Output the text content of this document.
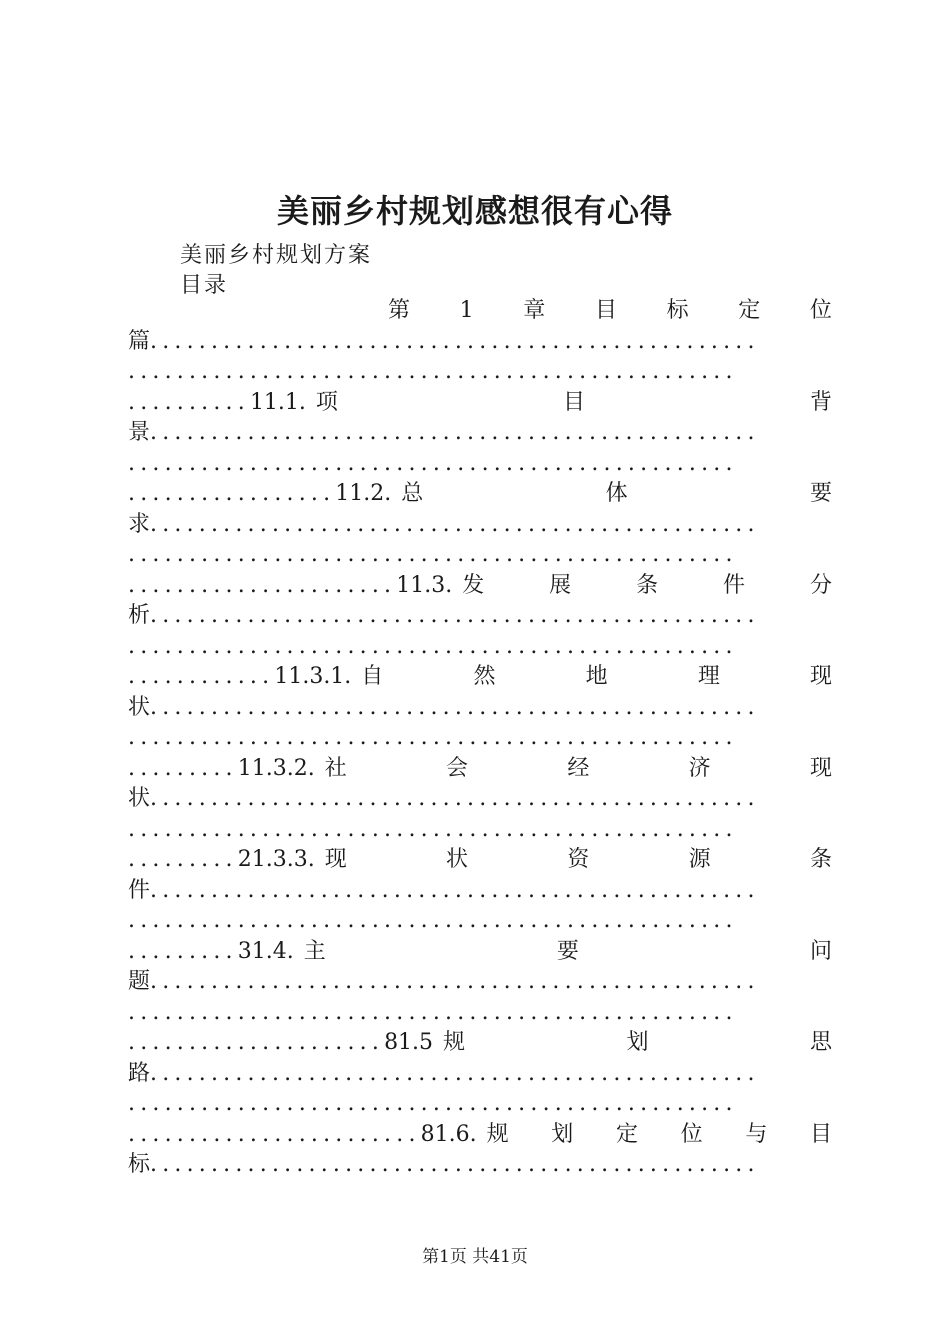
美丽乡村规划感想很有心得
美丽乡村规划方案
目录
第 1 章 目 标 定 位
篇..................................................
..................................................
.......... 11.1. 项	目	背
景..................................................
..................................................
................. 11.2. 总	体	要
求..................................................
..................................................
...................... 11.3. 发	展	条	件	分
析..................................................
..................................................
............ 11.3.1. 自	然	地	理	现
状..................................................
..................................................
......... 11.3.2. 社	会	经	济	现
状..................................................
..................................................
......... 21.3.3. 现	状	资	源	条
件..................................................
..................................................
......... 31.4. 主	要	问
题..................................................
..................................................
..................... 81.5 规	划	思
路..................................................
..................................................
........................ 81.6. 规 划 定 位 与 目
标..................................................
第1页 共41页
